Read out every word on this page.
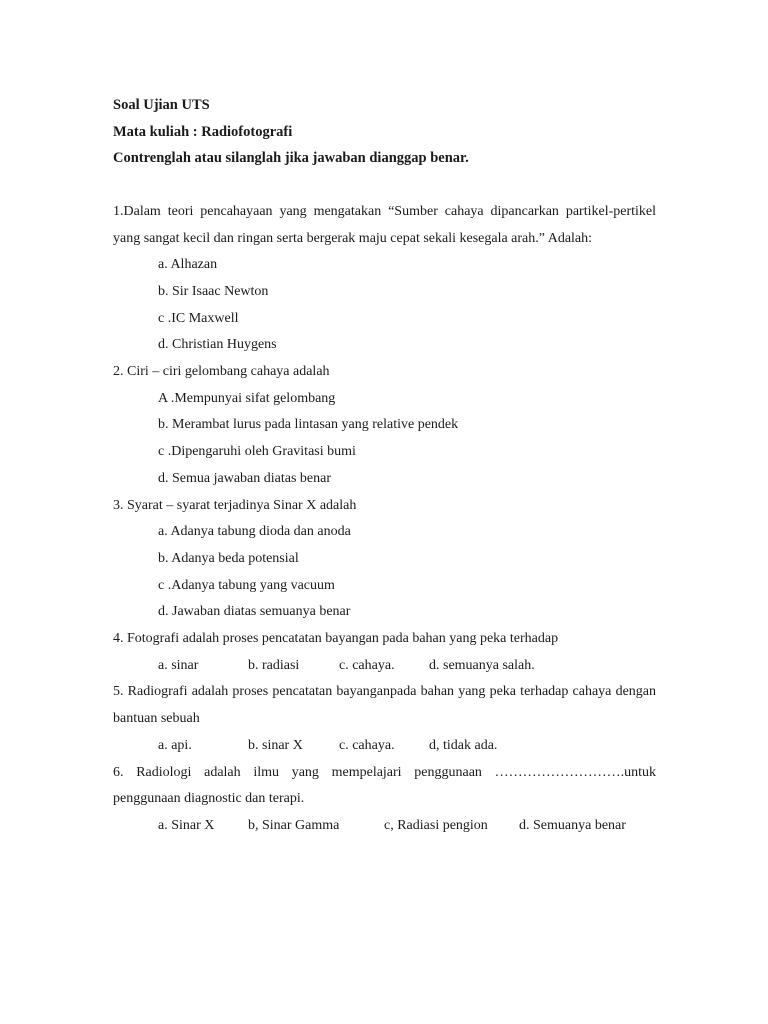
Soal Ujian UTS
Mata kuliah : Radiofotografi
Contrenglah atau silanglah jika jawaban dianggap benar.
1.Dalam teori pencahayaan yang mengatakan “Sumber cahaya dipancarkan partikel-pertikel yang sangat kecil dan ringan serta bergerak maju cepat sekali kesegala arah.” Adalah:
a. Alhazan
b. Sir Isaac Newton
c .IC Maxwell
d. Christian Huygens
2. Ciri – ciri gelombang cahaya adalah
A .Mempunyai sifat gelombang
b. Merambat lurus pada lintasan yang relative pendek
c .Dipengaruhi oleh Gravitasi bumi
d. Semua jawaban diatas benar
3. Syarat – syarat terjadinya Sinar X adalah
a. Adanya tabung dioda dan anoda
b. Adanya beda potensial
c .Adanya tabung yang vacuum
d. Jawaban diatas semuanya benar
4. Fotografi adalah proses pencatatan bayangan pada bahan yang peka terhadap
a. sinar	b. radiasi	c. cahaya.	d. semuanya salah.
5. Radiografi adalah proses pencatatan bayanganpada bahan yang peka terhadap cahaya dengan bantuan sebuah
a. api.	b. sinar X	c. cahaya.	d, tidak ada.
6. Radiologi adalah ilmu yang mempelajari penggunaan ……………………….untuk penggunaan diagnostic dan terapi.
a. Sinar X	b, Sinar Gamma	c, Radiasi pengion	d. Semuanya benar
